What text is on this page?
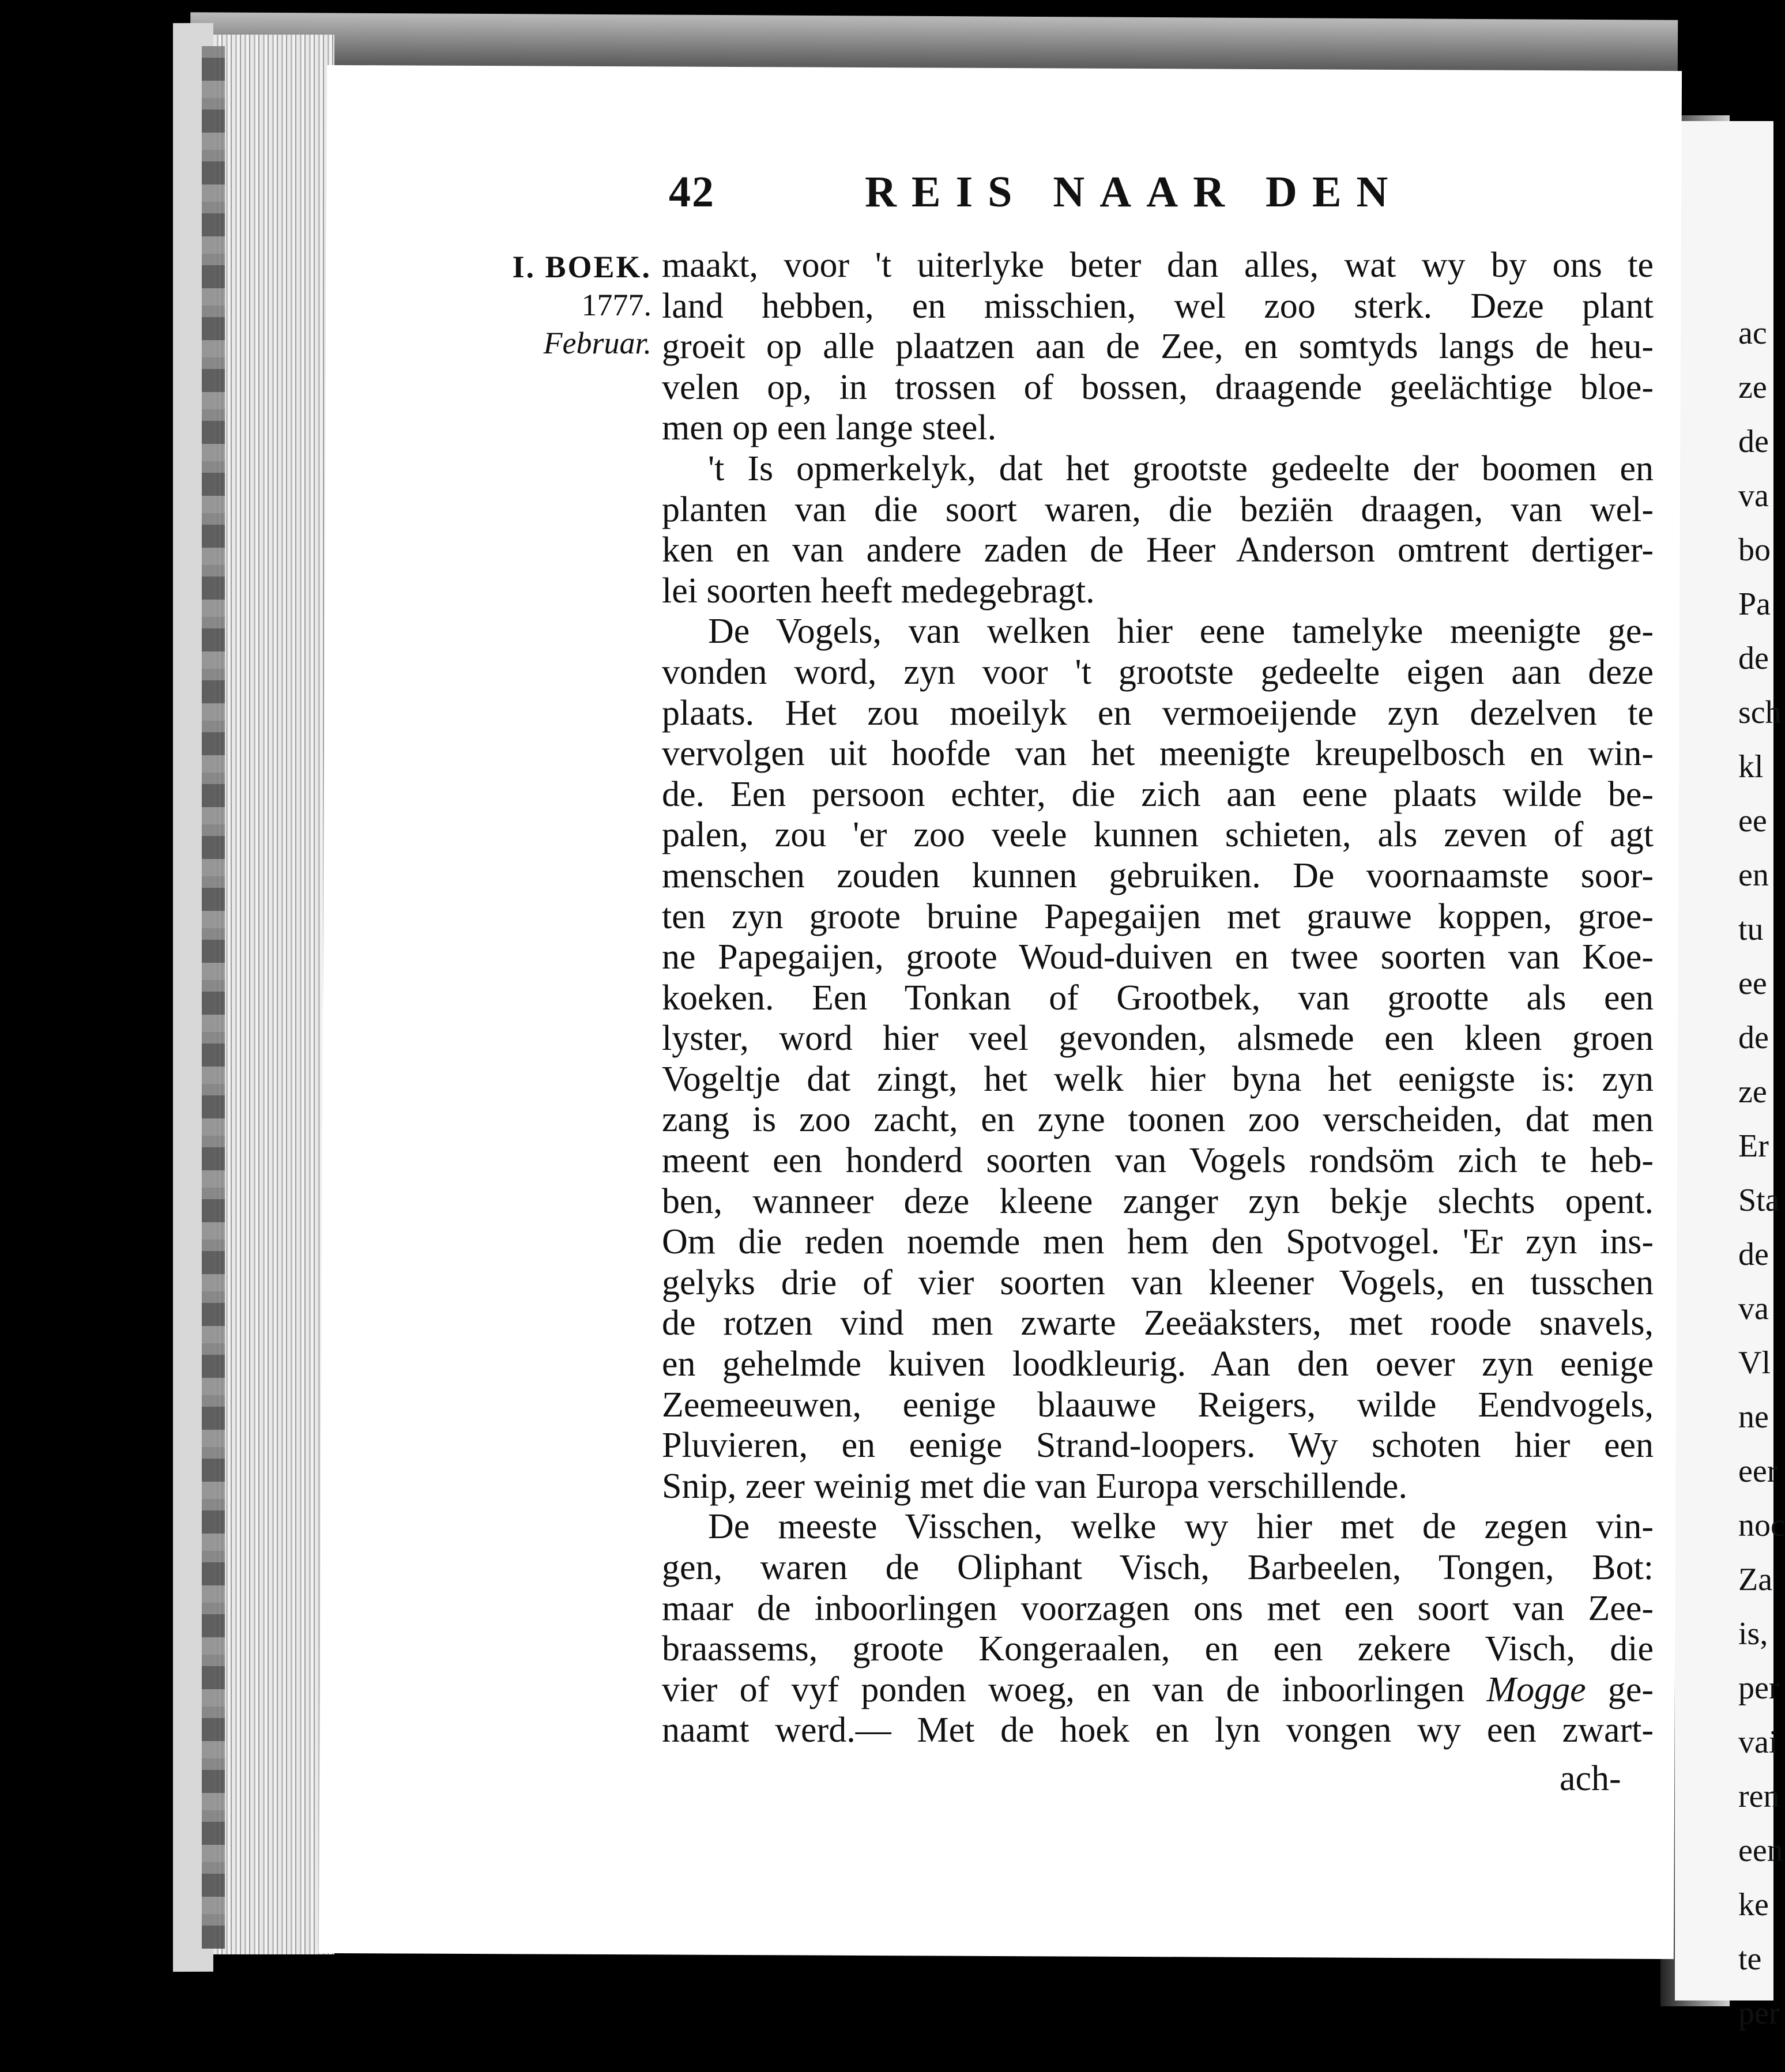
ac
ze
de
va
bo
Pa
de
sch
kl
ee
en
tu
ee
de
ze
Er
Sta
de
va
Vl
ne
eer
noc
Za
is,
per
vai
ren
een
ke
te
per
42	REIS NAAR DEN
I. BOEK.
1777.
Februar.
maakt, voor 't uiterlyke beter dan alles, wat wy by ons te
land hebben, en misschien, wel zoo sterk. Deze plant
groeit op alle plaatzen aan de Zee, en somtyds langs de heu-
velen op, in trossen of bossen, draagende geelächtige bloe-
men op een lange steel.
't Is opmerkelyk, dat het grootste gedeelte der boomen en
planten van die soort waren, die beziën draagen, van wel-
ken en van andere zaden de Heer Anderson omtrent dertiger-
lei soorten heeft medegebragt.
De Vogels, van welken hier eene tamelyke meenigte ge-
vonden word, zyn voor 't grootste gedeelte eigen aan deze
plaats. Het zou moeilyk en vermoeijende zyn dezelven te
vervolgen uit hoofde van het meenigte kreupelbosch en win-
de. Een persoon echter, die zich aan eene plaats wilde be-
palen, zou 'er zoo veele kunnen schieten, als zeven of agt
menschen zouden kunnen gebruiken. De voornaamste soor-
ten zyn groote bruine Papegaijen met grauwe koppen, groe-
ne Papegaijen, groote Woud-duiven en twee soorten van Koe-
koeken. Een Tonkan of Grootbek, van grootte als een
lyster, word hier veel gevonden, alsmede een kleen groen
Vogeltje dat zingt, het welk hier byna het eenigste is: zyn
zang is zoo zacht, en zyne toonen zoo verscheiden, dat men
meent een honderd soorten van Vogels rondsöm zich te heb-
ben, wanneer deze kleene zanger zyn bekje slechts opent.
Om die reden noemde men hem den Spotvogel. 'Er zyn ins-
gelyks drie of vier soorten van kleener Vogels, en tusschen
de rotzen vind men zwarte Zeeäaksters, met roode snavels,
en gehelmde kuiven loodkleurig. Aan den oever zyn eenige
Zeemeeuwen, eenige blaauwe Reigers, wilde Eendvogels,
Pluvieren, en eenige Strand-loopers. Wy schoten hier een
Snip, zeer weinig met die van Europa verschillende.
De meeste Visschen, welke wy hier met de zegen vin-
gen, waren de Oliphant Visch, Barbeelen, Tongen, Bot:
maar de inboorlingen voorzagen ons met een soort van Zee-
braassems, groote Kongeraalen, en een zekere Visch, die
vier of vyf ponden woeg, en van de inboorlingen Mogge ge-
naamt werd.— Met de hoek en lyn vongen wy een zwart-
ach-
